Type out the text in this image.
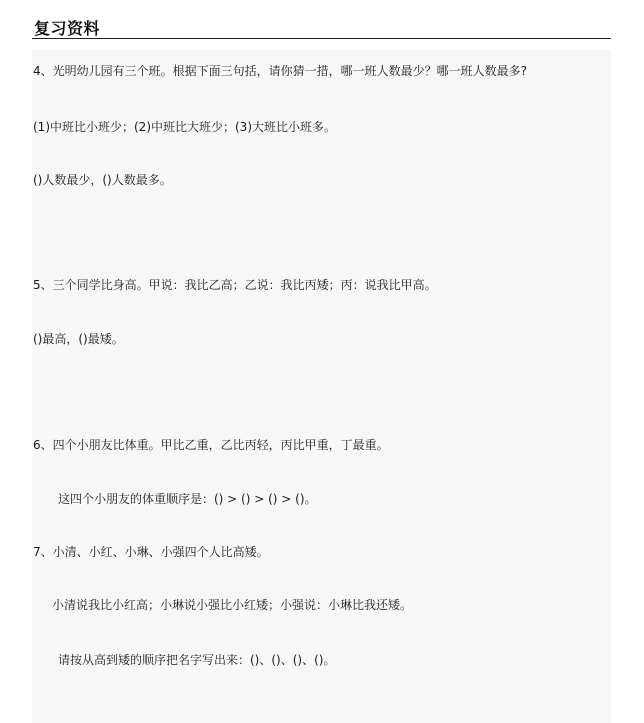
复习资料
4、光明幼儿园有三个班。根据下面三句括，请你猜一措，哪一班人数最少？哪一班人数最多?
(1)中班比小班少；(2)中班比大班少；(3)大班比小班多。
()人数最少，()人数最多。
5、三个同学比身高。甲说：我比乙高；乙说：我比丙矮；丙：说我比甲高。
()最高，()最矮。
6、四个小朋友比体重。甲比乙重，乙比丙轻，丙比甲重，丁最重。
这四个小朋友的体重顺序是：() > () > () > ()。
7、小清、小红、小琳、小强四个人比高矮。
小清说我比小红高；小琳说小强比小红矮；小强说：小琳比我还矮。
请按从高到矮的顺序把名字写出来：()、()、()、()。
